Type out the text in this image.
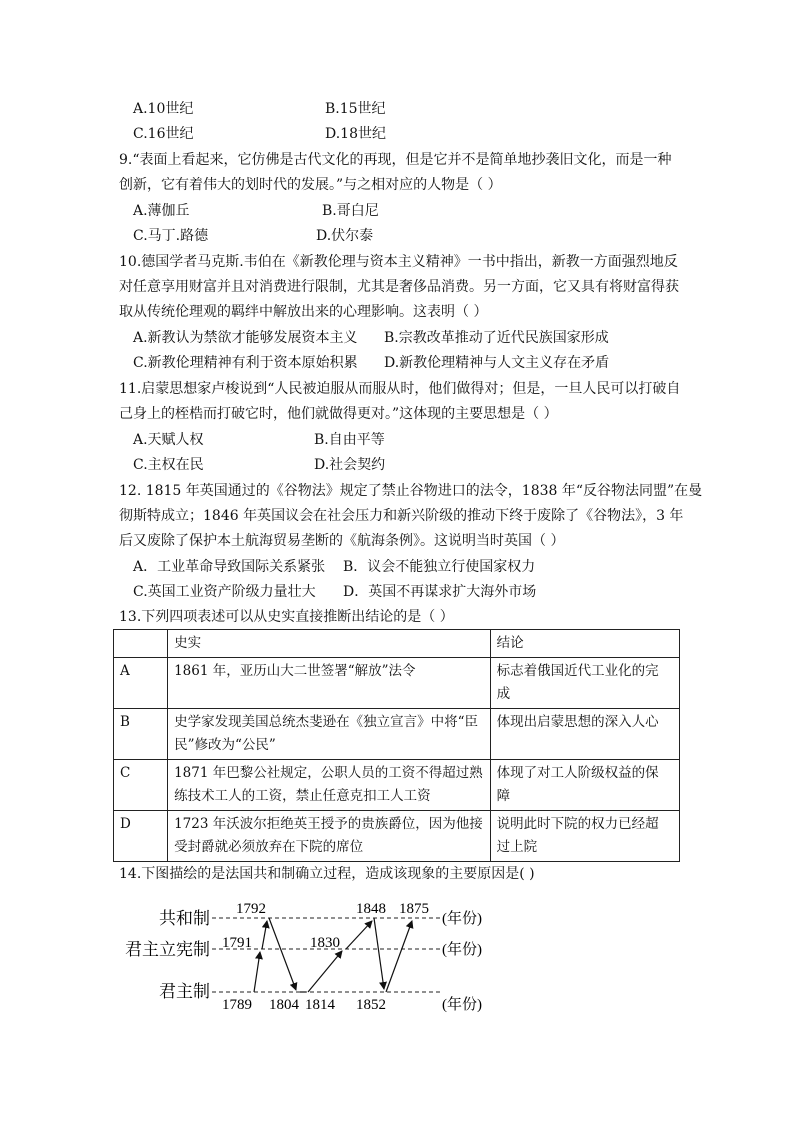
A.10世纪	B.15世纪
C.16世纪	D.18世纪
9.“表面上看起来，它仿佛是古代文化的再现，但是它并不是简单地抄袭旧文化，而是一种
创新，它有着伟大的划时代的发展。”与之相对应的人物是（ ）
A.薄伽丘	B.哥白尼
C.马丁.路德	D.伏尔泰
10.德国学者马克斯.韦伯在《新教伦理与资本主义精神》一书中指出，新教一方面强烈地反
对任意享用财富并且对消费进行限制，尤其是奢侈品消费。另一方面，它又具有将财富得获
取从传统伦理观的羁绊中解放出来的心理影响。这表明（ ）
A.新教认为禁欲才能够发展资本主义 B.宗教改革推动了近代民族国家形成
C.新教伦理精神有利于资本原始积累 D.新教伦理精神与人文主义存在矛盾
11.启蒙思想家卢梭说到“人民被迫服从而服从时，他们做得对；但是，一旦人民可以打破自
己身上的桎梏而打破它时，他们就做得更对。”这体现的主要思想是（ ）
A.天赋人权	B.自由平等
C.主权在民	D.社会契约
12. 1815 年英国通过的《谷物法》规定了禁止谷物进口的法令，1838 年“反谷物法同盟”在曼
彻斯特成立；1846 年英国议会在社会压力和新兴阶级的推动下终于废除了《谷物法》，3 年
后又废除了保护本土航海贸易垄断的《航海条例》。这说明当时英国（ ）
A．工业革命导致国际关系紧张 B．议会不能独立行使国家权力
C.英国工业资产阶级力量壮大 D．英国不再谋求扩大海外市场
13.下列四项表述可以从史实直接推断出结论的是（ ）
	史实	结论
A	1861 年，亚历山大二世签署“解放”法令	标志着俄国近代工业化的完
成
B	史学家发现美国总统杰斐逊在《独立宣言》中将“臣
民”修改为“公民”	体现出启蒙思想的深入人心
C	1871 年巴黎公社规定，公职人员的工资不得超过熟
练技术工人的工资，禁止任意克扣工人工资	体现了对工人阶级权益的保
障
D	1723 年沃波尔拒绝英王授予的贵族爵位，因为他接
受封爵就必须放弃在下院的席位	说明此时下院的权力已经超
过上院
14.下图描绘的是法国共和制确立过程，造成该现象的主要原因是( )
共和制
君主立宪制
君主制
(年份)
(年份)
(年份)
1792	1848 1875
1791	1830
1789 1804 1814 1852
